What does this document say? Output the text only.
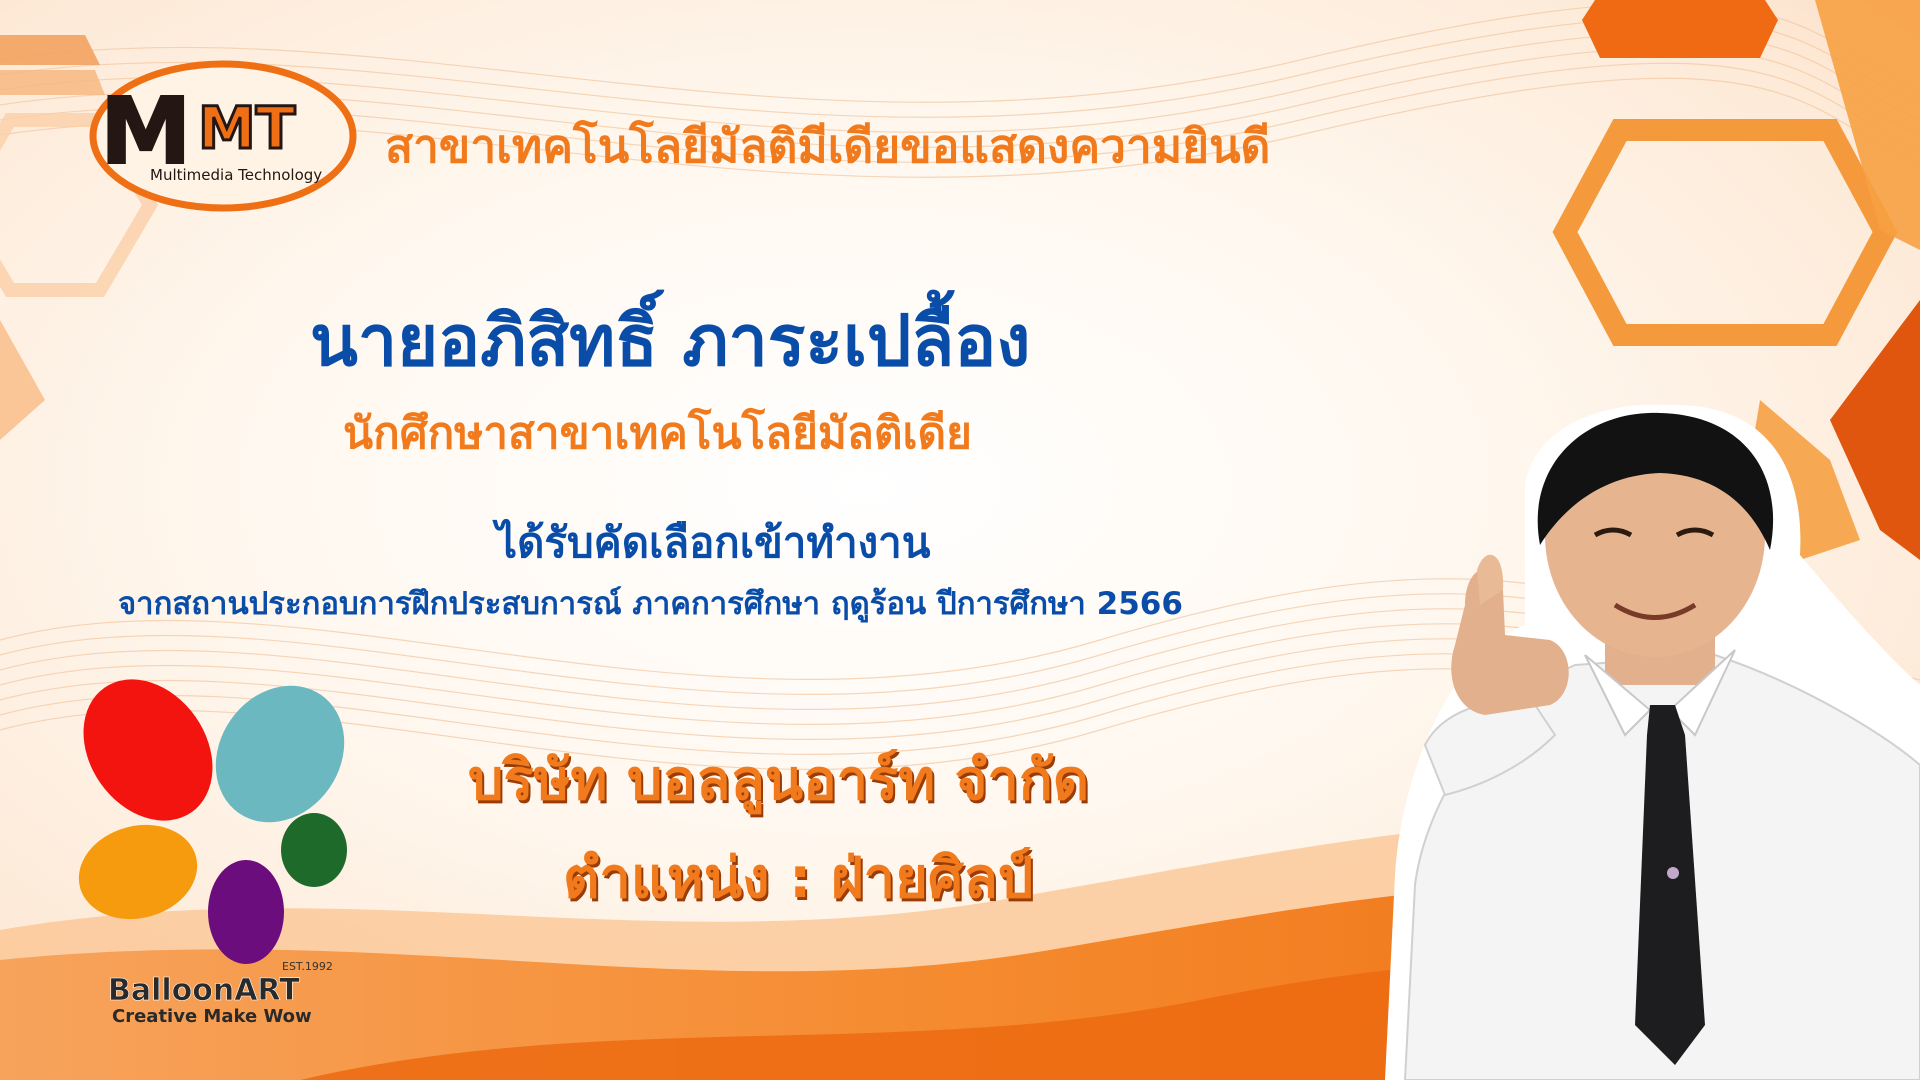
M MT
Multimedia Technology
สาขาเทคโนโลยีมัลติมีเดียขอแสดงความยินดี
นายอภิสิทธิ์ ภาระเปลื้อง
นักศึกษาสาขาเทคโนโลยีมัลติเดีย
ได้รับคัดเลือกเข้าทำงาน
จากสถานประกอบการฝึกประสบการณ์ ภาคการศึกษา ฤดูร้อน ปีการศึกษา 2566
บริษัท บอลลูนอาร์ท จำกัด
ตำแหน่ง : ฝ่ายศิลป์
EST.1992
BalloonART
Creative Make Wow
